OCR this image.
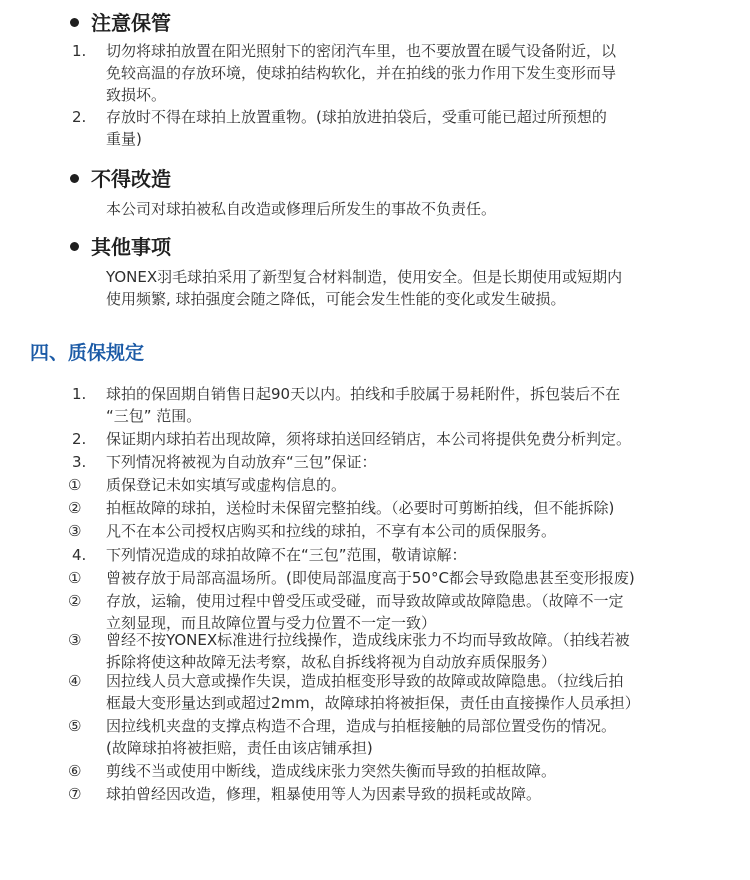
注意保管
1. 切勿将球拍放置在阳光照射下的密闭汽车里，也不要放置在暖气设备附近，以
免较高温的存放环境，使球拍结构软化，并在拍线的张力作用下发生变形而导
致损坏。
2. 存放时不得在球拍上放置重物。(球拍放进拍袋后，受重可能已超过所预想的
重量)
不得改造
本公司对球拍被私自改造或修理后所发生的事故不负责任。
其他事项
YONEX羽毛球拍采用了新型复合材料制造，使用安全。但是长期使用或短期内
使用频繁, 球拍强度会随之降低，可能会发生性能的变化或发生破损。
四、质保规定
1. 球拍的保固期自销售日起90天以内。拍线和手胶属于易耗附件，拆包装后不在
“三包” 范围。
2. 保证期内球拍若出现故障，须将球拍送回经销店，本公司将提供免费分析判定。
3. 下列情况将被视为自动放弃“三包”保证：
① 质保登记未如实填写或虚构信息的。
② 拍框故障的球拍，送检时未保留完整拍线。（必要时可剪断拍线，但不能拆除)
③ 凡不在本公司授权店购买和拉线的球拍，不享有本公司的质保服务。
4. 下列情况造成的球拍故障不在“三包”范围，敬请谅解：
① 曾被存放于局部高温场所。(即使局部温度高于50°C都会导致隐患甚至变形报废)
② 存放，运输，使用过程中曾受压或受碰，而导致故障或故障隐患。（故障不一定
立刻显现，而且故障位置与受力位置不一定一致）
③ 曾经不按YONEX标准进行拉线操作，造成线床张力不均而导致故障。（拍线若被
拆除将使这种故障无法考察，故私自拆线将视为自动放弃质保服务）
④ 因拉线人员大意或操作失误，造成拍框变形导致的故障或故障隐患。（拉线后拍
框最大变形量达到或超过2mm，故障球拍将被拒保，责任由直接操作人员承担）
⑤ 因拉线机夹盘的支撑点构造不合理，造成与拍框接触的局部位置受伤的情况。
(故障球拍将被拒赔，责任由该店铺承担)
⑥ 剪线不当或使用中断线，造成线床张力突然失衡而导致的拍框故障。
⑦ 球拍曾经因改造，修理，粗暴使用等人为因素导致的损耗或故障。
